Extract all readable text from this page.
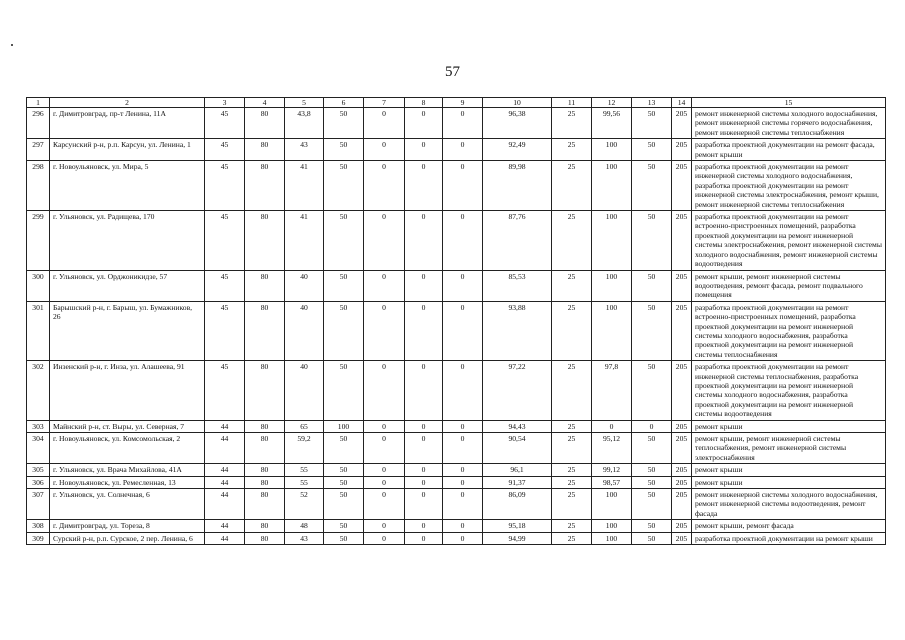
57
1	2	3	4	5	6	7	8	9	10	11	12	13	14	15
296	г. Димитровград, пр-т Ленина, 11А	45	80	43,8	50	0	0	0	96,38	25	99,56	50	205	ремонт инженерной системы холодного водоснабжения, ремонт инженерной системы горячего водоснабжения, ремонт инженерной системы теплоснабжения
297	Карсунский р-н, р.п. Карсун, ул. Ленина, 1	45	80	43	50	0	0	0	92,49	25	100	50	205	разработка проектной документации на ремонт фасада, ремонт крыши
298	г. Новоульяновск, ул. Мира, 5	45	80	41	50	0	0	0	89,98	25	100	50	205	разработка проектной документации на ремонт инженерной системы холодного водоснабжения, разработка проектной документации на ремонт инженерной системы электроснабжения, ремонт крыши, ремонт инженерной системы теплоснабжения
299	г. Ульяновск, ул. Радищева, 170	45	80	41	50	0	0	0	87,76	25	100	50	205	разработка проектной документации на ремонт встроенно-пристроенных помещений, разработка проектной документации на ремонт инженерной системы электроснабжения, ремонт инженерной системы холодного водоснабжения, ремонт инженерной системы водоотведения
300	г. Ульяновск, ул. Орджоникидзе, 57	45	80	40	50	0	0	0	85,53	25	100	50	205	ремонт крыши, ремонт инженерной системы водоотведения, ремонт фасада, ремонт подвального помещения
301	Барышский р-н, г. Барыш, ул. Бумажников, 26	45	80	40	50	0	0	0	93,88	25	100	50	205	разработка проектной документации на ремонт встроенно-пристроенных помещений, разработка проектной документации на ремонт инженерной системы холодного водоснабжения, разработка проектной документации на ремонт инженерной системы теплоснабжения
302	Инзенский р-н, г. Инза, ул. Алашеева, 91	45	80	40	50	0	0	0	97,22	25	97,8	50	205	разработка проектной документации на ремонт инженерной системы теплоснабжения, разработка проектной документации на ремонт инженерной системы холодного водоснабжения, разработка проектной документации на ремонт инженерной системы водоотведения
303	Майнский р-н, ст. Выры, ул. Северная, 7	44	80	65	100	0	0	0	94,43	25	0	0	205	ремонт крыши
304	г. Новоульяновск, ул. Комсомольская, 2	44	80	59,2	50	0	0	0	90,54	25	95,12	50	205	ремонт крыши, ремонт инженерной системы теплоснабжения, ремонт инженерной системы электроснабжения
305	г. Ульяновск, ул. Врача Михайлова, 41А	44	80	55	50	0	0	0	96,1	25	99,12	50	205	ремонт крыши
306	г. Новоульяновск, ул. Ремесленная, 13	44	80	55	50	0	0	0	91,37	25	98,57	50	205	ремонт крыши
307	г. Ульяновск, ул. Солнечная, 6	44	80	52	50	0	0	0	86,09	25	100	50	205	ремонт инженерной системы холодного водоснабжения, ремонт инженерной системы водоотведения, ремонт фасада
308	г. Димитровград, ул. Тореза, 8	44	80	48	50	0	0	0	95,18	25	100	50	205	ремонт крыши, ремонт фасада
309	Сурский р-н, р.п. Сурское, 2 пер. Ленина, 6	44	80	43	50	0	0	0	94,99	25	100	50	205	разработка проектной документации на ремонт крыши
